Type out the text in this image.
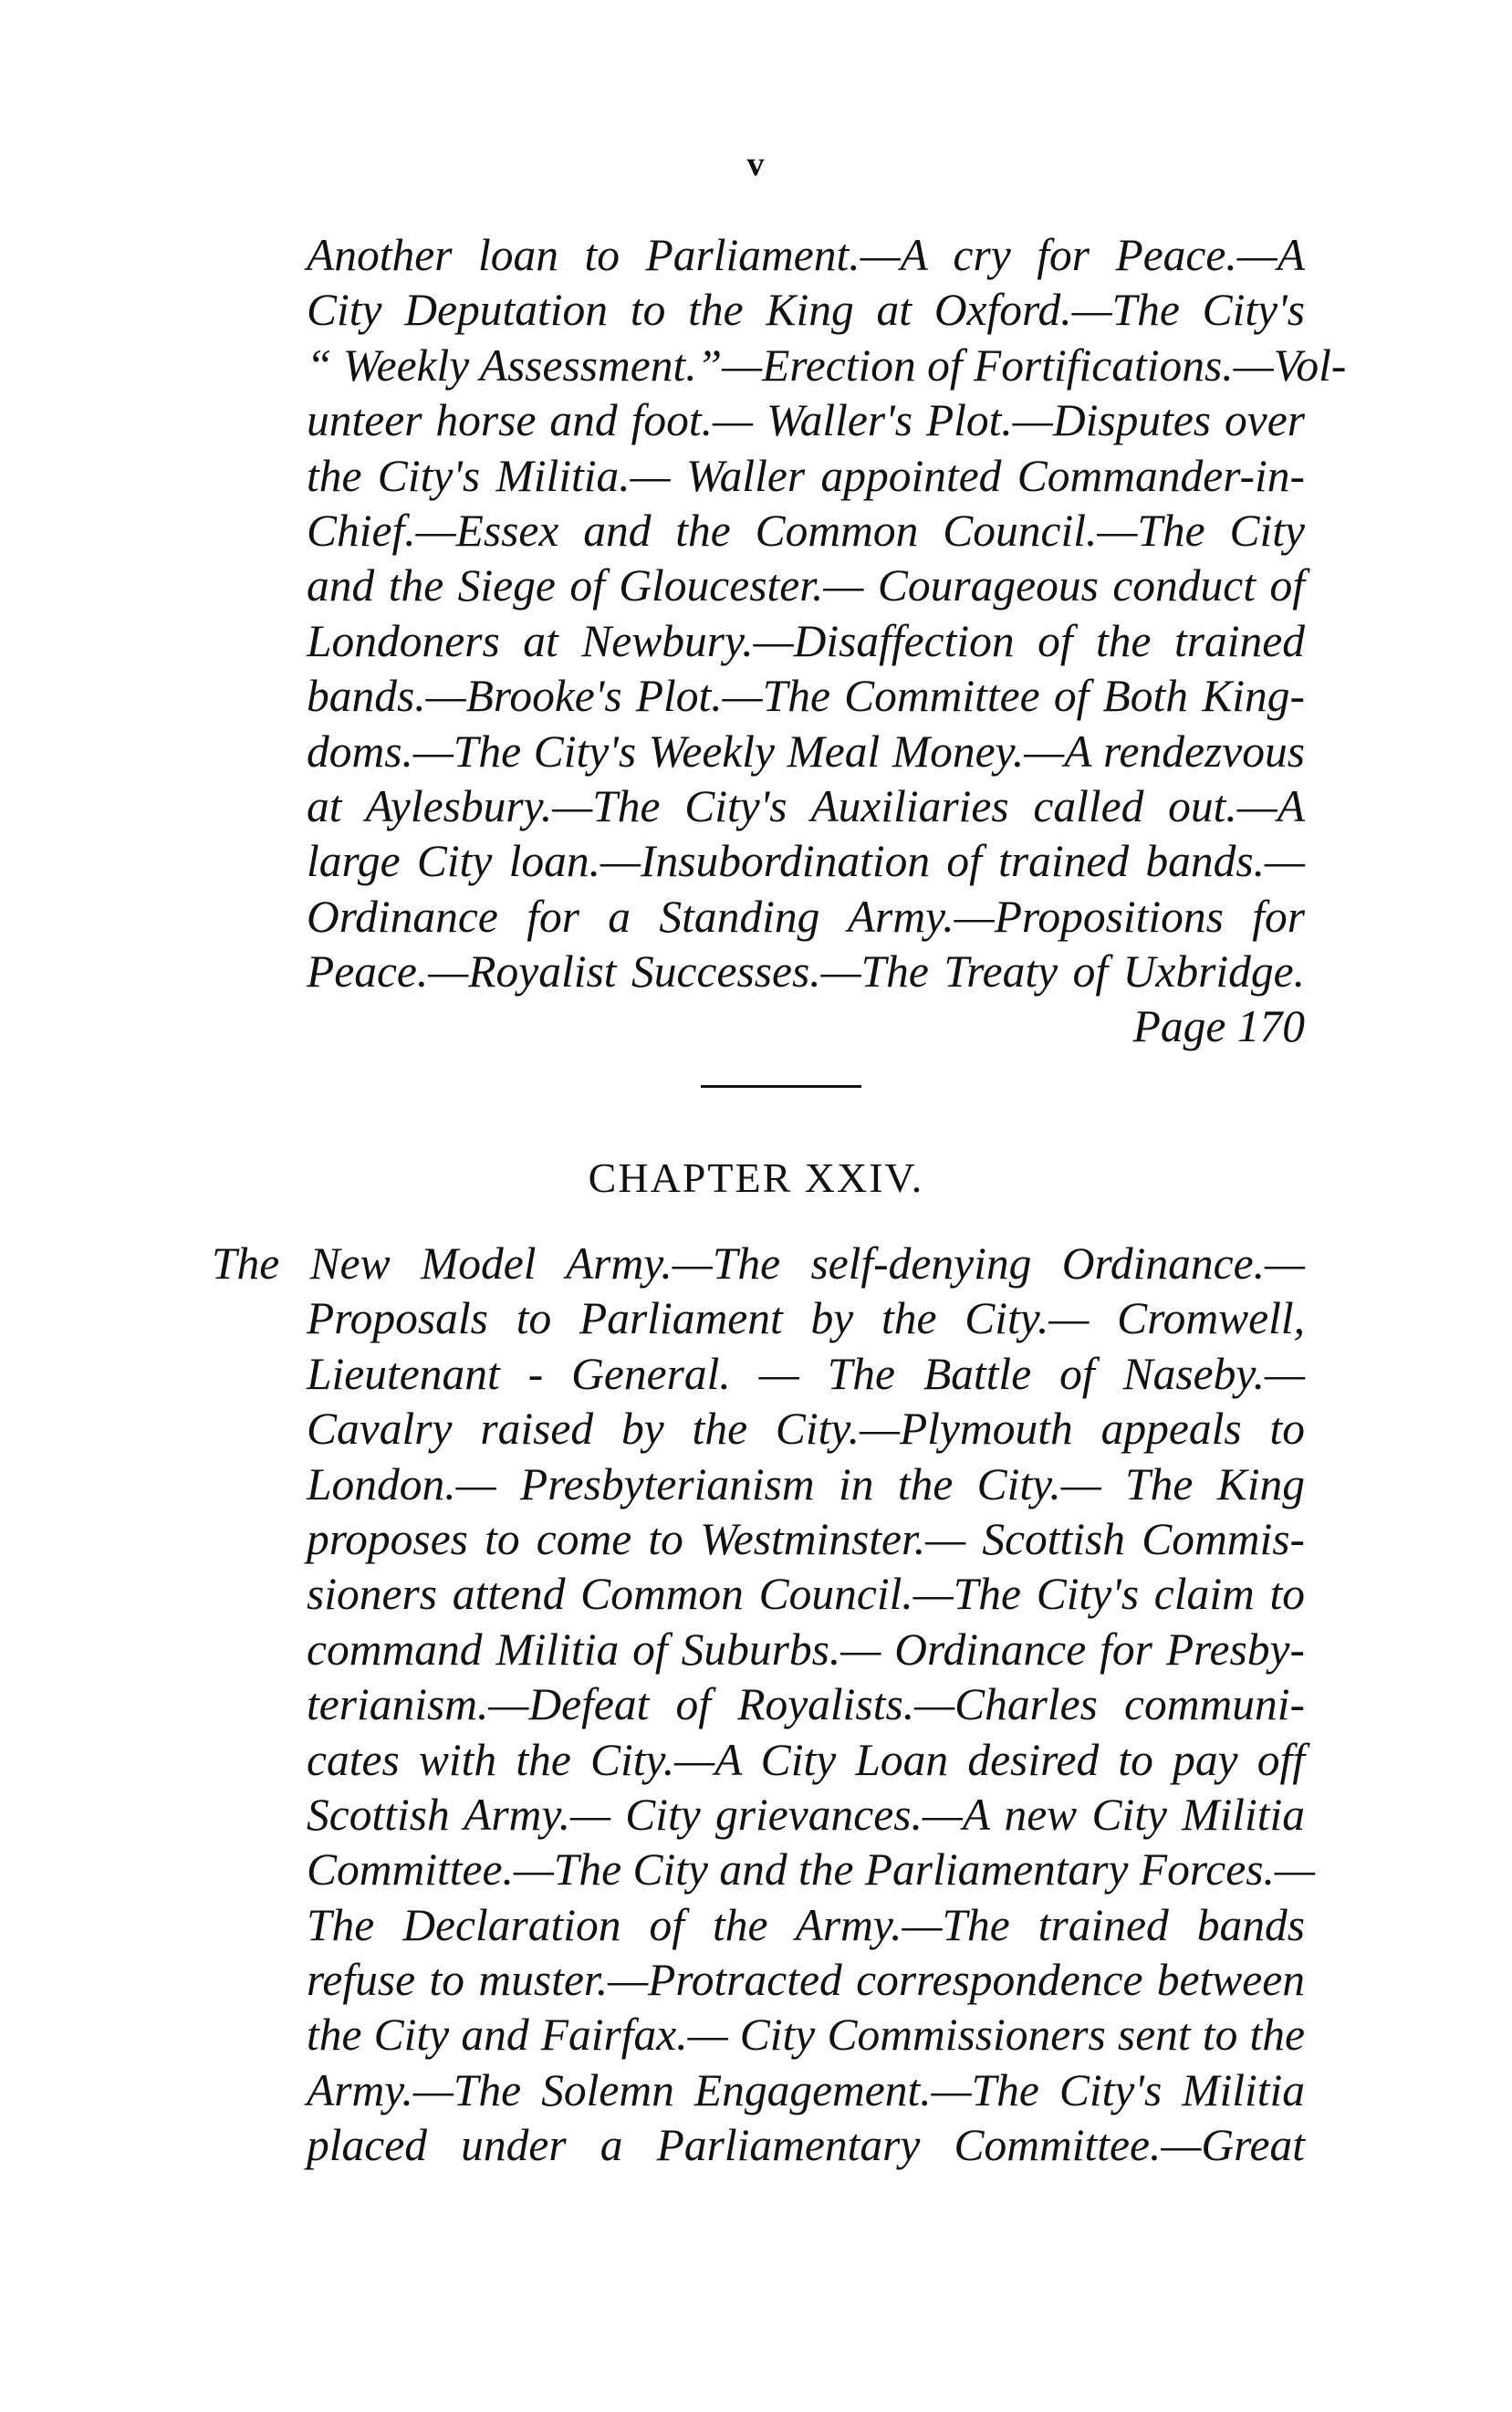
v
Another loan to Parliament.—A cry for Peace.—A
City Deputation to the King at Oxford.—The City's
“ Weekly Assessment.”—Erection of Fortifications.—Vol-
unteer horse and foot.— Waller's Plot.—Disputes over
the City's Militia.— Waller appointed Commander-in-
Chief.—Essex and the Common Council.—The City
and the Siege of Gloucester.— Courageous conduct of
Londoners at Newbury.—Disaffection of the trained
bands.—Brooke's Plot.—The Committee of Both King-
doms.—The City's Weekly Meal Money.—A rendezvous
at Aylesbury.—The City's Auxiliaries called out.—A
large City loan.—Insubordination of trained bands.—
Ordinance for a Standing Army.—Propositions for
Peace.—Royalist Successes.—The Treaty of Uxbridge.
Page 170
CHAPTER XXIV.
The New Model Army.—The self-denying Ordinance.—
Proposals to Parliament by the City.— Cromwell,
Lieutenant - General. — The Battle of Naseby.—
Cavalry raised by the City.—Plymouth appeals to
London.— Presbyterianism in the City.— The King
proposes to come to Westminster.— Scottish Commis-
sioners attend Common Council.—The City's claim to
command Militia of Suburbs.— Ordinance for Presby-
terianism.—Defeat of Royalists.—Charles communi-
cates with the City.—A City Loan desired to pay off
Scottish Army.— City grievances.—A new City Militia
Committee.—The City and the Parliamentary Forces.—
The Declaration of the Army.—The trained bands
refuse to muster.—Protracted correspondence between
the City and Fairfax.— City Commissioners sent to the
Army.—The Solemn Engagement.—The City's Militia
placed under a Parliamentary Committee.—Great
